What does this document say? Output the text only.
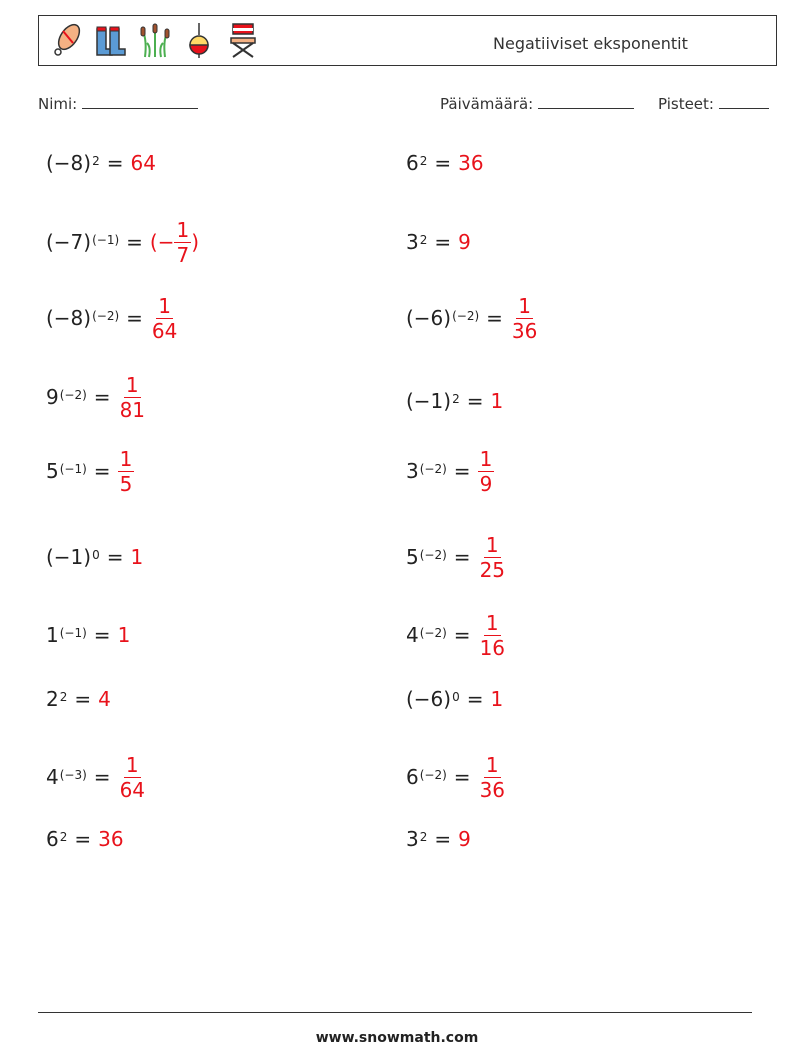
Negatiiviset eksponentit
Nimi:	Päivämäärä:	Pisteet:
$(-8)^2 = 64$
$(-7)^{(-1)}$ = (− $\frac{1}{7}$ )
$(-8)^{(-2)} = \frac{1}{64}$
$9^{(-2)} = \frac{1}{81}$
$5^{(-1)} = \frac{1}{5}$
$(-1)^0 = 1$
$1^{(-1)} = 1$
$2^2 = 4$
$4^{(-3)} = \frac{1}{64}$
$6^2 = 36$
$6^2 = 36$
$3^2 = 9$
$(-6)^{(-2)} = \frac{1}{36}$
$(-1)^2 = 1$
$3^{(-2)} = \frac{1}{9}$
$5^{(-2)} = \frac{1}{25}$
$4^{(-2)} = \frac{1}{16}$
$(-6)^0 = 1$
$6^{(-2)} = \frac{1}{36}$
$3^2 = 9$
www.snowmath.com
